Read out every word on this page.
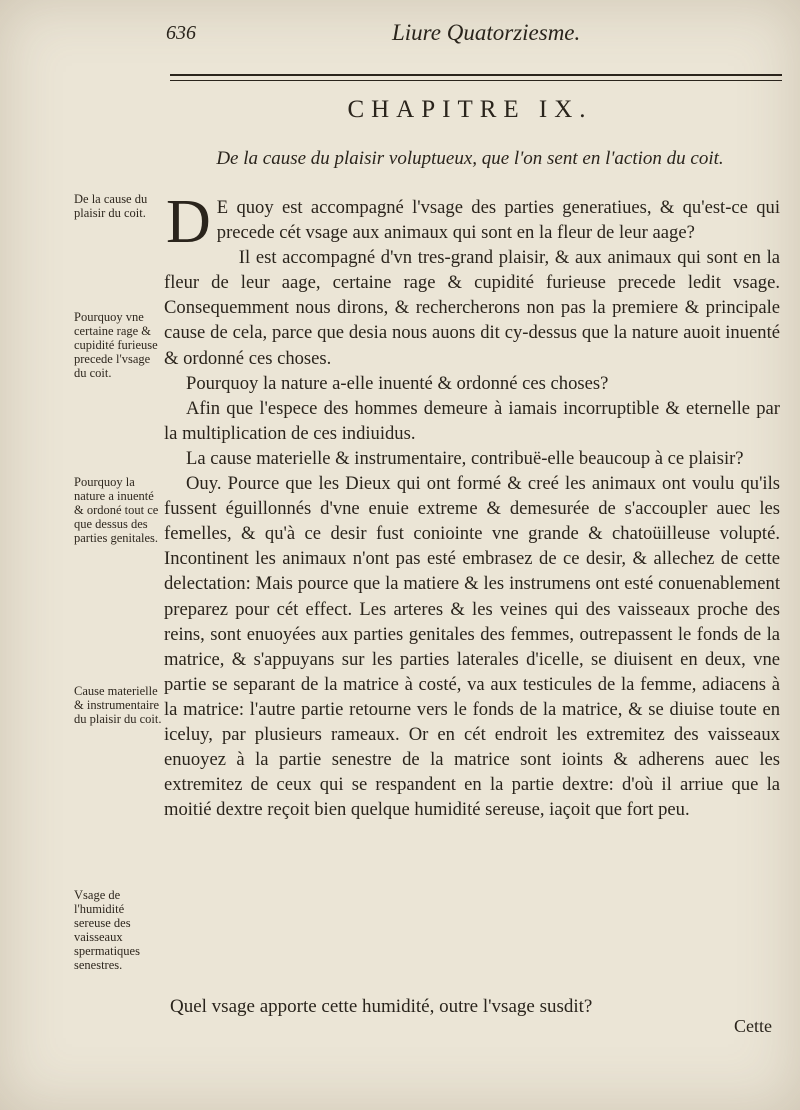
636	Liure Quatorziesme.
CHAPITRE IX.
De la cause du plaisir voluptueux, que l'on sent en l'action du coit.
De la cause du plaisir du coit.
Pourquoy vne certaine rage & cupidité furieuse precede l'vsage du coit.
Pourquoy la nature a inuenté & ordoné tout ce que dessus des parties genitales.
Cause materielle & instrumentaire du plaisir du coit.
Vsage de l'humidité sereuse des vaisseaux spermatiques senestres.

D E quoy est accompagné l'vsage des parties generatiues, & qu'est-ce qui precede cét vsage aux animaux qui sont en la fleur de leur aage?

Il est accompagné d'vn tres-grand plaisir, & aux animaux qui sont en la fleur de leur aage, certaine rage & cupidité furieuse precede ledit vsage. Consequemment nous dirons, & rechercherons non pas la premiere & principale cause de cela, parce que desia nous auons dit cy-dessus que la nature auoit inuenté & ordonné ces choses.

Pourquoy la nature a-elle inuenté & ordonné ces choses?

Afin que l'espece des hommes demeure à iamais incorruptible & eternelle par la multiplication de ces indiuidus.

La cause materielle & instrumentaire, contribuë-elle beaucoup à ce plaisir?

Ouy. Pource que les Dieux qui ont formé & creé les animaux ont voulu qu'ils fussent éguillonnés d'vne enuie extreme & demesurée de s'accoupler auec les femelles, & qu'à ce desir fust coniointe vne grande & chatoüilleuse volupté. Incontinent les animaux n'ont pas esté embrasez de ce desir, & allechez de cette delectation: Mais pource que la matiere & les instrumens ont esté conuenablement preparez pour cét effect. Les arteres & les veines qui des vaisseaux proche des reins, sont enuoyées aux parties genitales des femmes, outrepassent le fonds de la matrice, & s'appuyans sur les parties laterales d'icelle, se diuisent en deux, vne partie se separant de la matrice à costé, va aux testicules de la femme, adiacens à la matrice: l'autre partie retourne vers le fonds de la matrice, & se diuise toute en iceluy, par plusieurs rameaux. Or en cét endroit les extremitez des vaisseaux enuoyez à la partie senestre de la matrice sont ioints & adherens auec les extremitez de ceux qui se respandent en la partie dextre: d'où il arriue que la moitié dextre reçoit bien quelque humidité sereuse, iaçoit que fort peu.

Quel vsage apporte cette humidité, outre l'vsage susdit?
Cette
